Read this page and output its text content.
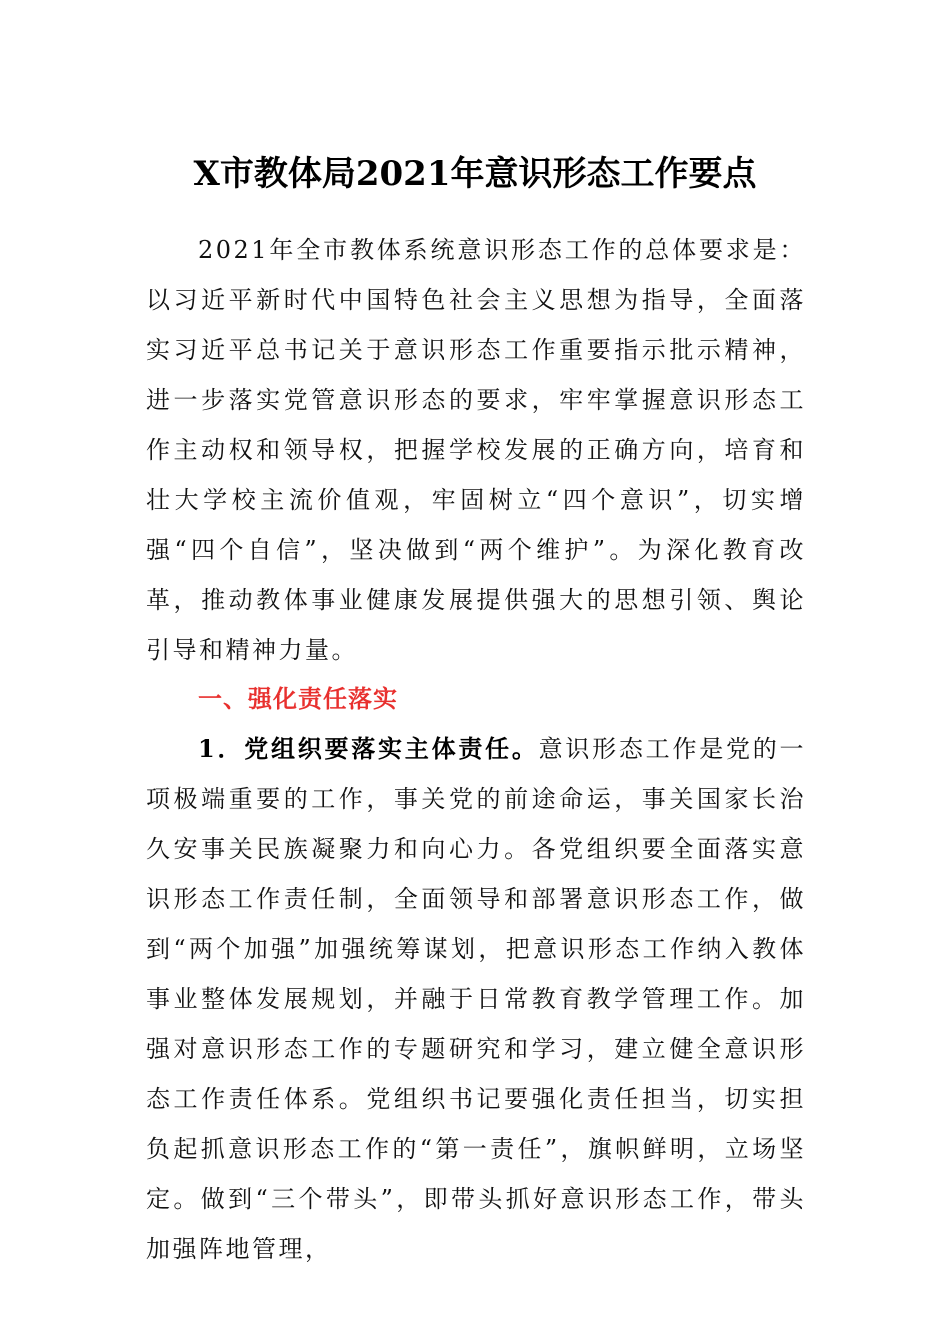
X市教体局2021年意识形态工作要点

2021年全市教体系统意识形态工作的总体要求是：以习近平新时代中国特色社会主义思想为指导，全面落实习近平总书记关于意识形态工作重要指示批示精神，进一步落实党管意识形态的要求，牢牢掌握意识形态工作主动权和领导权，把握学校发展的正确方向，培育和壮大学校主流价值观，牢固树立“四个意识”，切实增强“四个自信”，坚决做到“两个维护”。为深化教育改革，推动教体事业健康发展提供强大的思想引领、舆论引导和精神力量。

一、强化责任落实

1．党组织要落实主体责任。意识形态工作是党的一项极端重要的工作，事关党的前途命运，事关国家长治久安事关民族凝聚力和向心力。各党组织要全面落实意识形态工作责任制，全面领导和部署意识形态工作，做到“两个加强”加强统筹谋划，把意识形态工作纳入教体事业整体发展规划，并融于日常教育教学管理工作。加强对意识形态工作的专题研究和学习，建立健全意识形态工作责任体系。党组织书记要强化责任担当，切实担负起抓意识形态工作的“第一责任”，旗帜鲜明，立场坚定。做到“三个带头”，即带头抓好意识形态工作，带头加强阵地管理，
